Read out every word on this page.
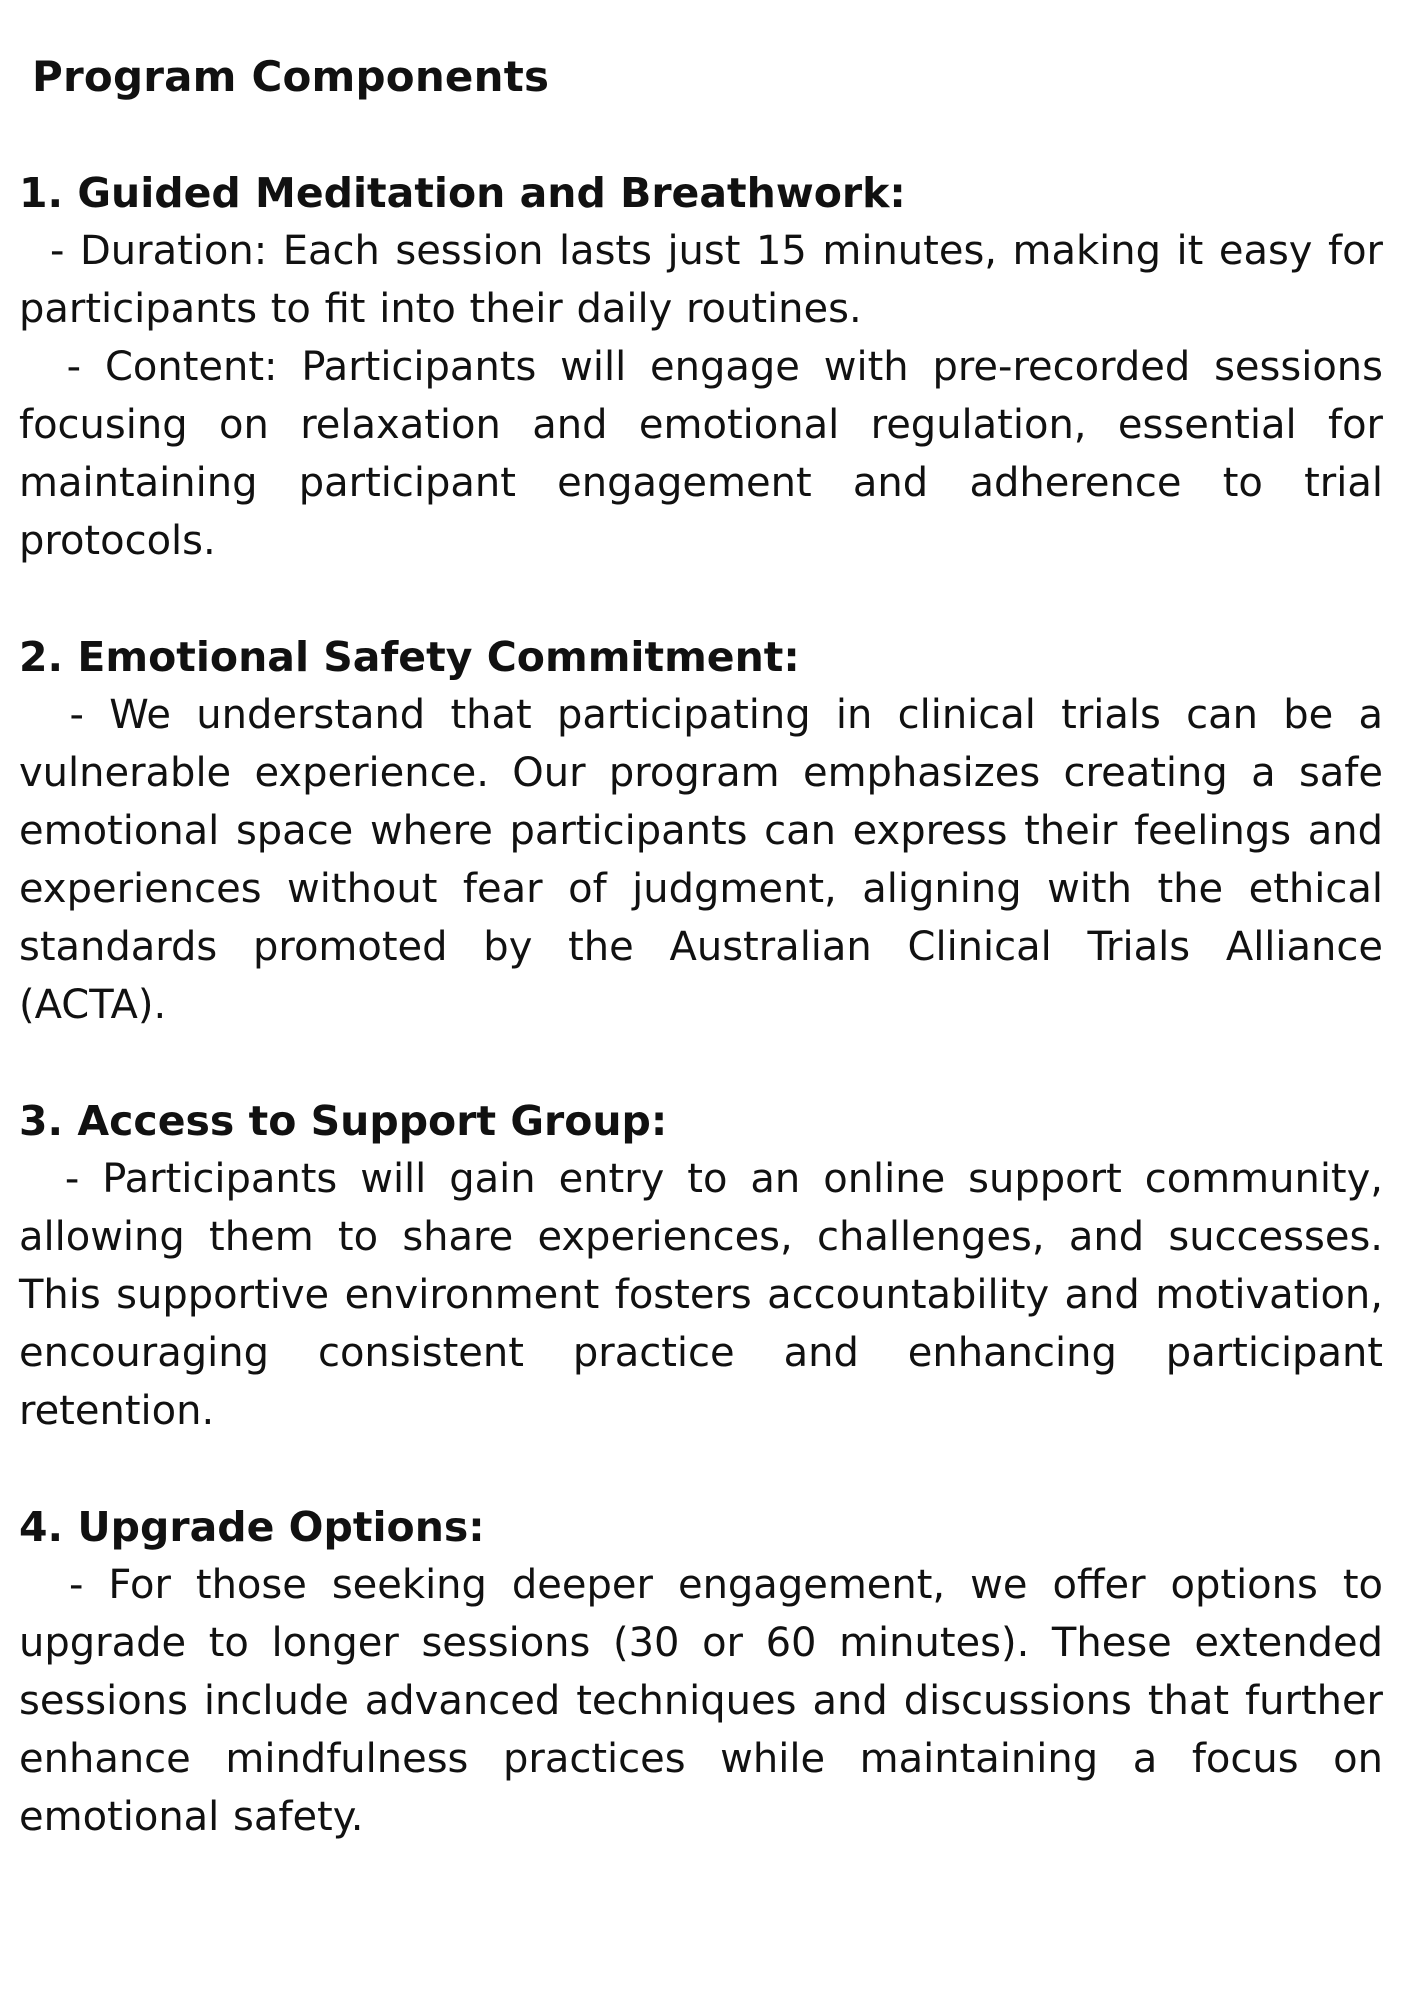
Program Components
1. Guided Meditation and Breathwork:

- Duration: Each session lasts just 15 minutes, making it easy for participants to fit into their daily routines.

- Content: Participants will engage with pre-recorded sessions focusing on relaxation and emotional regulation, essential for maintaining participant engagement and adherence to trial protocols.

2. Emotional Safety Commitment:

- We understand that participating in clinical trials can be a vulnerable experience. Our program emphasizes creating a safe emotional space where participants can express their feelings and experiences without fear of judgment, aligning with the ethical standards promoted by the Australian Clinical Trials Alliance (ACTA).

3. Access to Support Group:

- Participants will gain entry to an online support community, allowing them to share experiences, challenges, and successes. This supportive environment fosters accountability and motivation, encouraging consistent practice and enhancing participant retention.

4. Upgrade Options:

- For those seeking deeper engagement, we offer options to upgrade to longer sessions (30 or 60 minutes). These extended sessions include advanced techniques and discussions that further enhance mindfulness practices while maintaining a focus on emotional safety.
